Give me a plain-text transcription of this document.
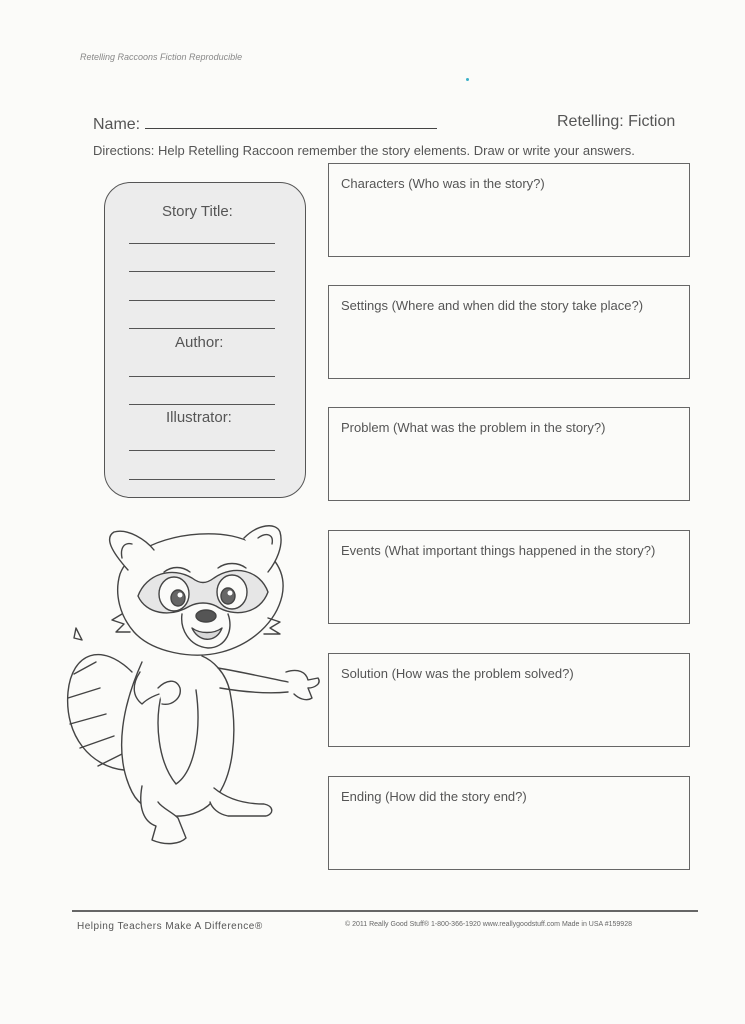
Retelling Raccoons Fiction Reproducible
Name:	Retelling: Fiction
Directions: Help Retelling Raccoon remember the story elements. Draw or write your answers.
Story Title:
Author:
Illustrator:
Characters (Who was in the story?)
Settings (Where and when did the story take place?)
Problem (What was the problem in the story?)
Events (What important things happened in the story?)
Solution (How was the problem solved?)
Ending (How did the story end?)
Helping Teachers Make A Difference®	© 2011 Really Good Stuff® 1-800-366-1920 www.reallygoodstuff.com Made in USA #159928
